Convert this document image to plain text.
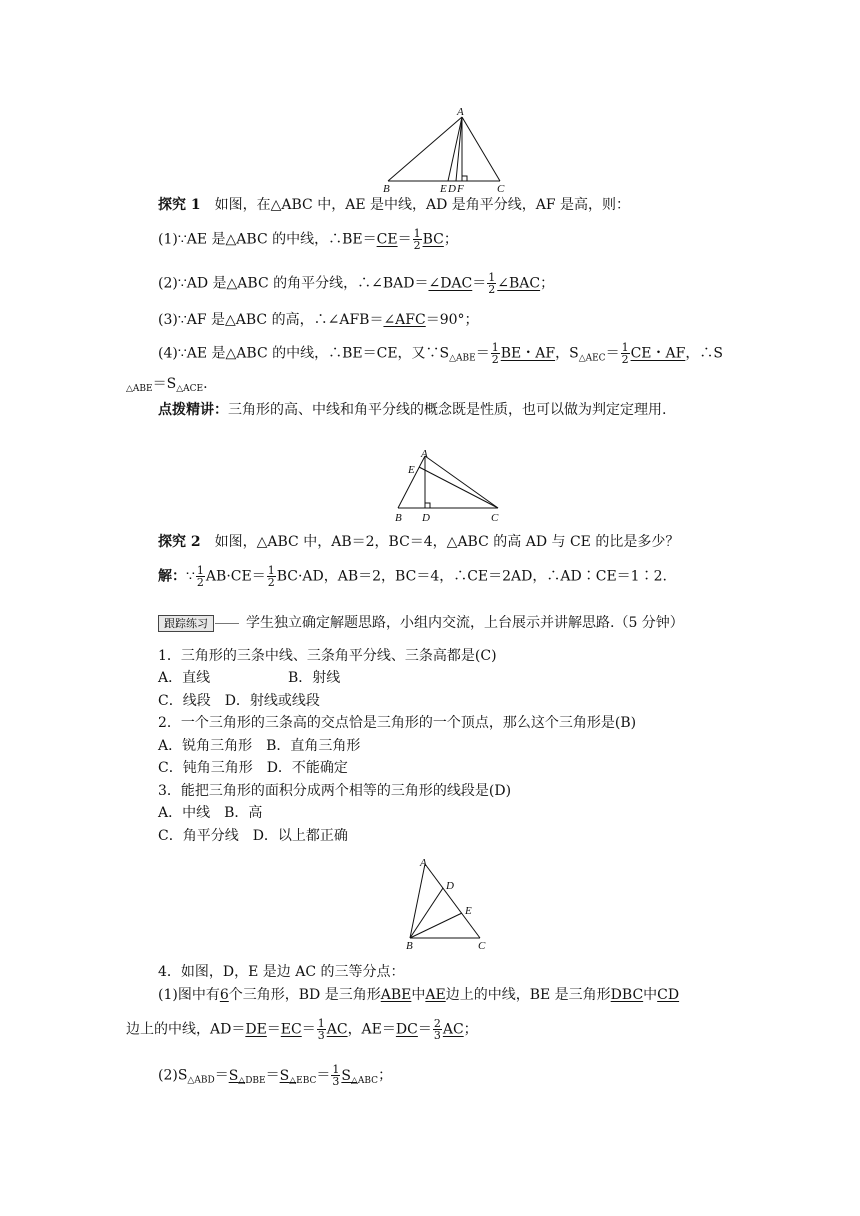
A
B	E D F	C
探究 1　 如图，在△ABC 中，AE 是中线，AD 是角平分线，AF 是高，则：
(1)∵AE 是△ABC 的中线，∴BE＝CE＝ $\frac{1}{2}$ BC；
(2)∵AD 是△ABC 的角平分线，∴∠BAD＝∠DAC＝ $\frac{1}{2}$ ∠BAC；
(3)∵AF 是△ABC 的高，∴∠AFB＝∠AFC＝90°；
(4)∵AE 是△ABC 的中线，∴BE＝CE，又$\because S_{\triangle ABE}= \frac{1}{2}$ BE・AF，$S_{\triangle AEC}= \frac{1}{2}$ CE・AF，∴S
$_{\triangle ABE}=S_{\triangle ACE}$.
点拨精讲：三角形的高、中线和角平分线的概念既是性质，也可以做为判定定理用.
A
E
B D	C
探究 2　 如图，△ABC 中，AB＝2，BC＝4，△ABC 的高 AD 与 CE 的比是多少？
解：∵ $\frac{1}{2} AB\cdot CE= \frac{1}{2} BC\cdot AD$，AB＝2，BC＝4，∴CE＝2AD，∴AD∶CE＝1∶2.
跟踪练习	学生独立确定解题思路，小组内交流，上台展示并讲解思路.（5 分钟）
1．三角形的三条中线、三条角平分线、三条高都是(C)
A．直线	B．射线
C．线段　D．射线或线段
2．一个三角形的三条高的交点恰是三角形的一个顶点，那么这个三角形是(B)
A．锐角三角形　B．直角三角形
C．钝角三角形　D．不能确定
3．能把三角形的面积分成两个相等的三角形的线段是(D)
A．中线　B．高
C．角平分线　D．以上都正确
A
D
E
B	C
4．如图，D，E 是边 AC 的三等分点：
(1)图中有6个三角形，BD 是三角形ABE中AE边上的中线，BE 是三角形DBC中CD
边上的中线，$AD=DE=EC= \frac{1}{3}$ AC，$AE=DC= \frac{2}{3}$ AC；
$(2)S_{\triangle ABD}=S_{\triangle DBE}=S_{\triangle EBC}= \frac{1}{3} S_{\triangle ABC}$；
